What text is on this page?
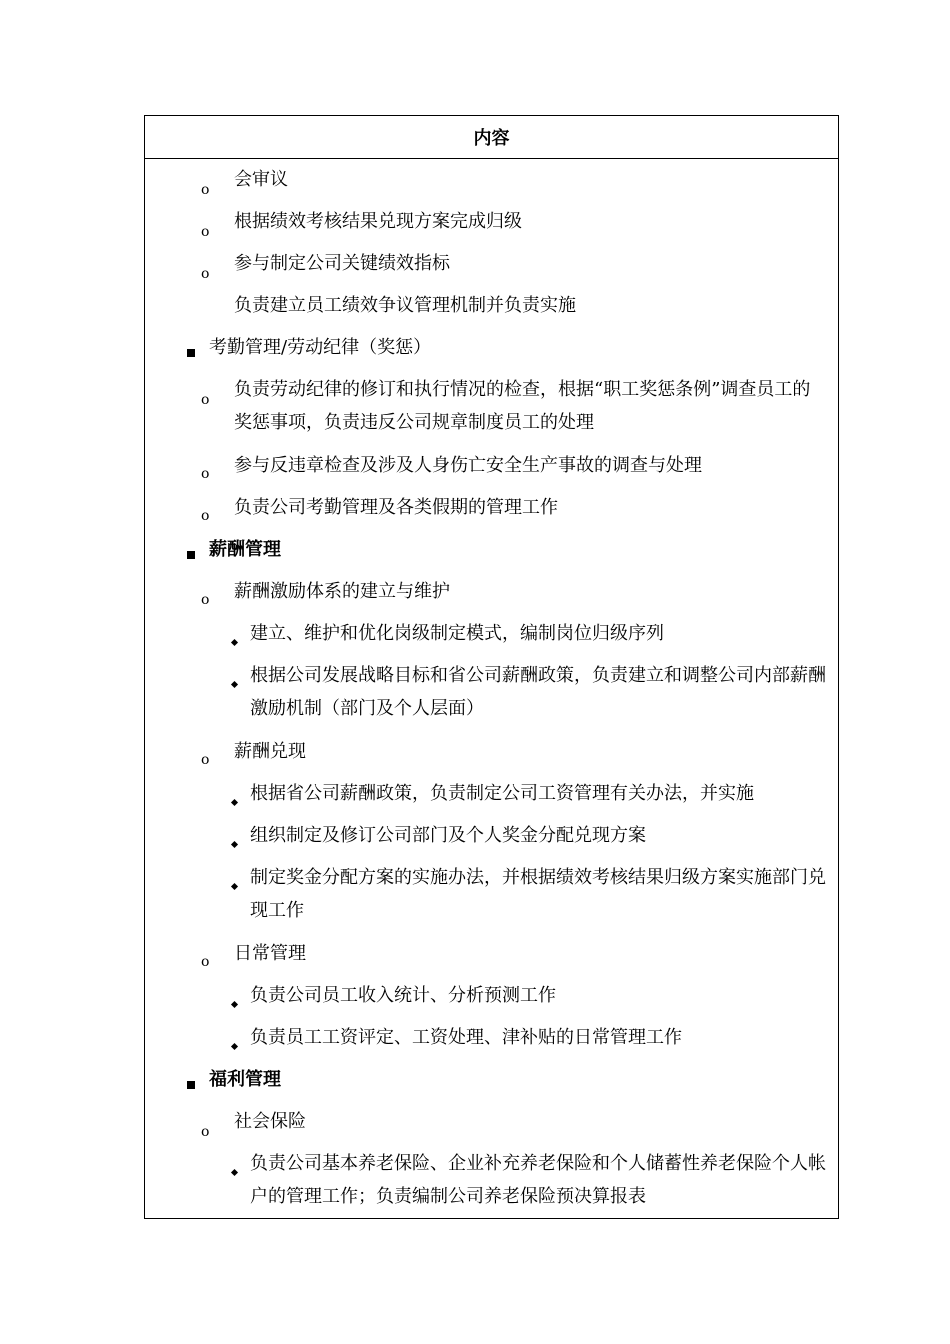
内容
会审议
o
根据绩效考核结果兑现方案完成归级
o
参与制定公司关键绩效指标
o
负责建立员工绩效争议管理机制并负责实施
考勤管理/劳动纪律（奖惩）
o 负责劳动纪律的修订和执行情况的检查，根据“职工奖惩条例”调查员工的奖惩事项，负责违反公司规章制度员工的处理
o 参与反违章检查及涉及人身伤亡安全生产事故的调查与处理
o 负责公司考勤管理及各类假期的管理工作
薪酬管理
o 薪酬激励体系的建立与维护
建立、维护和优化岗级制定模式，编制岗位归级序列
根据公司发展战略目标和省公司薪酬政策，负责建立和调整公司内部薪酬激励机制（部门及个人层面）
o 薪酬兑现
根据省公司薪酬政策，负责制定公司工资管理有关办法，并实施
组织制定及修订公司部门及个人奖金分配兑现方案
制定奖金分配方案的实施办法，并根据绩效考核结果归级方案实施部门兑现工作
o 日常管理
负责公司员工收入统计、分析预测工作
负责员工工资评定、工资处理、津补贴的日常管理工作
福利管理
o 社会保险
负责公司基本养老保险、企业补充养老保险和个人储蓄性养老保险个人帐户的管理工作；负责编制公司养老保险预决算报表
